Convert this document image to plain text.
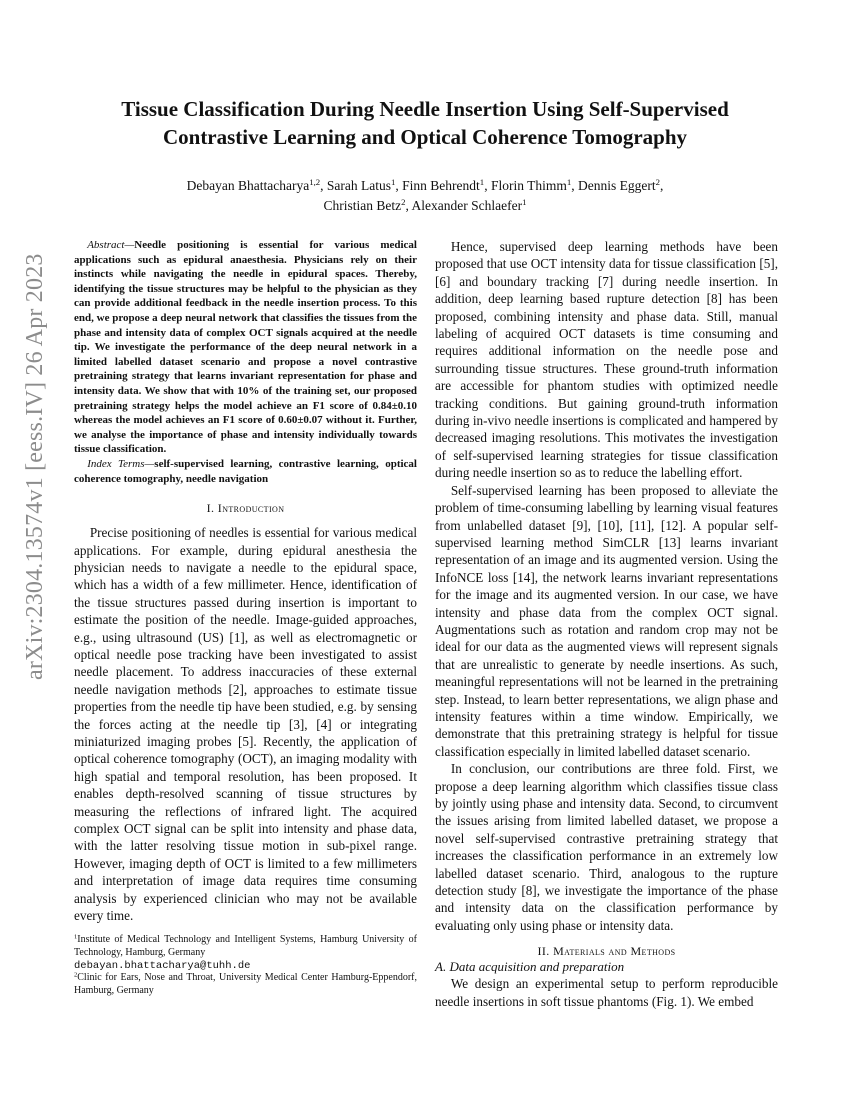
arXiv:2304.13574v1 [eess.IV] 26 Apr 2023
Tissue Classification During Needle Insertion Using Self-Supervised
Contrastive Learning and Optical Coherence Tomography
Debayan Bhattacharya$^{1,2}$, Sarah Latus$^1$, Finn Behrendt$^1$, Florin Thimm$^1$, Dennis Eggert$^2$,
Christian Betz$^2$, Alexander Schlaefer$^1$

Abstract—Needle positioning is essential for various medical applications such as epidural anaesthesia. Physicians rely on their instincts while navigating the needle in epidural spaces. Thereby, identifying the tissue structures may be helpful to the physician as they can provide additional feedback in the needle insertion process. To this end, we propose a deep neural network that classifies the tissues from the phase and intensity data of complex OCT signals acquired at the needle tip. We investigate the performance of the deep neural network in a limited labelled dataset scenario and propose a novel contrastive pretraining strategy that learns invariant representation for phase and intensity data. We show that with 10% of the training set, our proposed pretraining strategy helps the model achieve an F1 score of 0.84±0.10 whereas the model achieves an F1 score of 0.60±0.07 without it. Further, we analyse the importance of phase and intensity individually towards tissue classification.

Index Terms—self-supervised learning, contrastive learning, optical coherence tomography, needle navigation

I. Introduction

Precise positioning of needles is essential for various medical applications. For example, during epidural anesthesia the physician needs to navigate a needle to the epidural space, which has a width of a few millimeter. Hence, identification of the tissue structures passed during insertion is important to estimate the position of the needle. Image-guided approaches, e.g., using ultrasound (US) [1], as well as electromagnetic or optical needle pose tracking have been investigated to assist needle placement. To address inaccuracies of these external needle navigation methods [2], approaches to estimate tissue properties from the needle tip have been studied, e.g. by sensing the forces acting at the needle tip [3], [4] or integrating miniaturized imaging probes [5]. Recently, the application of optical coherence tomography (OCT), an imaging modality with high spatial and temporal resolution, has been proposed. It enables depth-resolved scanning of tissue structures by measuring the reflections of infrared light. The acquired complex OCT signal can be split into intensity and phase data, with the latter resolving tissue motion in sub-pixel range. However, imaging depth of OCT is limited to a few millimeters and interpretation of image data requires time consuming analysis by experienced clinician who may not be available every time.

$^1$Institute of Medical Technology and Intelligent Systems, Hamburg University of Technology, Hamburg, Germany
debayan.bhattacharya@tuhh.de

$^2$Clinic for Ears, Nose and Throat, University Medical Center Hamburg-Eppendorf, Hamburg, Germany

Hence, supervised deep learning methods have been proposed that use OCT intensity data for tissue classification [5], [6] and boundary tracking [7] during needle insertion. In addition, deep learning based rupture detection [8] has been proposed, combining intensity and phase data. Still, manual labeling of acquired OCT datasets is time consuming and requires additional information on the needle pose and surrounding tissue structures. These ground-truth information are accessible for phantom studies with optimized needle tracking conditions. But gaining ground-truth information during in-vivo needle insertions is complicated and hampered by decreased imaging resolutions. This motivates the investigation of self-supervised learning strategies for tissue classification during needle insertion so as to reduce the labelling effort.

Self-supervised learning has been proposed to alleviate the problem of time-consuming labelling by learning visual features from unlabelled dataset [9], [10], [11], [12]. A popular self-supervised learning method SimCLR [13] learns invariant representation of an image and its augmented version. Using the InfoNCE loss [14], the network learns invariant representations for the image and its augmented version. In our case, we have intensity and phase data from the complex OCT signal. Augmentations such as rotation and random crop may not be ideal for our data as the augmented views will represent signals that are unrealistic to generate by needle insertions. As such, meaningful representations will not be learned in the pretraining step. Instead, to learn better representations, we align phase and intensity features within a time window. Empirically, we demonstrate that this pretraining strategy is helpful for tissue classification especially in limited labelled dataset scenario.

In conclusion, our contributions are three fold. First, we propose a deep learning algorithm which classifies tissue class by jointly using phase and intensity data. Second, to circumvent the issues arising from limited labelled dataset, we propose a novel self-supervised contrastive pretraining strategy that increases the classification performance in an extremely low labelled dataset scenario. Third, analogous to the rupture detection study [8], we investigate the importance of the phase and intensity data on the classification performance by evaluating only using phase or intensity data.

II. Materials and Methods

A. Data acquisition and preparation

We design an experimental setup to perform reproducible needle insertions in soft tissue phantoms (Fig. 1). We embed
